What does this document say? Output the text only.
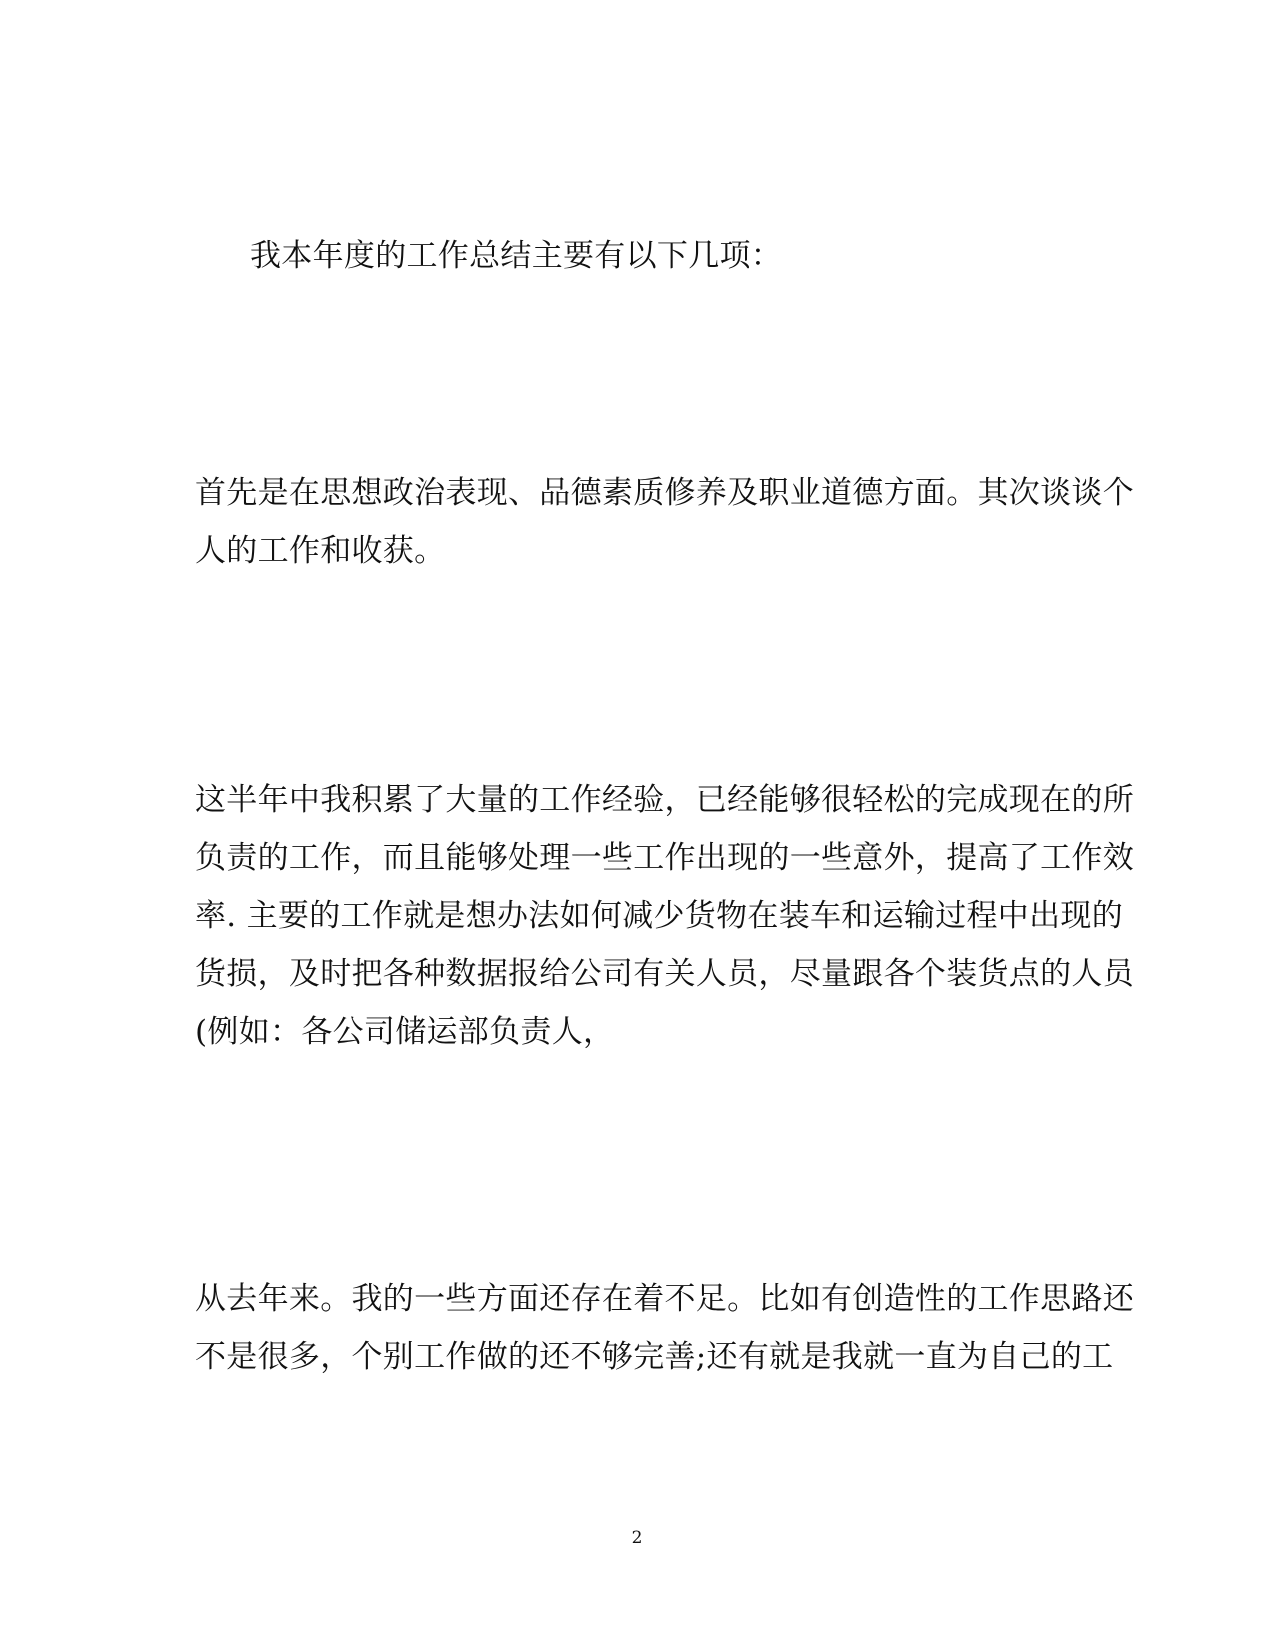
我本年度的工作总结主要有以下几项：
首先是在思想政治表现、品德素质修养及职业道德方面。其次谈谈个
人的工作和收获。
这半年中我积累了大量的工作经验，已经能够很轻松的完成现在的所
负责的工作，而且能够处理一些工作出现的一些意外，提高了工作效
率. 主要的工作就是想办法如何减少货物在装车和运输过程中出现的
货损，及时把各种数据报给公司有关人员，尽量跟各个装货点的人员
(例如：各公司储运部负责人，
从去年来。我的一些方面还存在着不足。比如有创造性的工作思路还
不是很多，个别工作做的还不够完善;还有就是我就一直为自己的工
2
